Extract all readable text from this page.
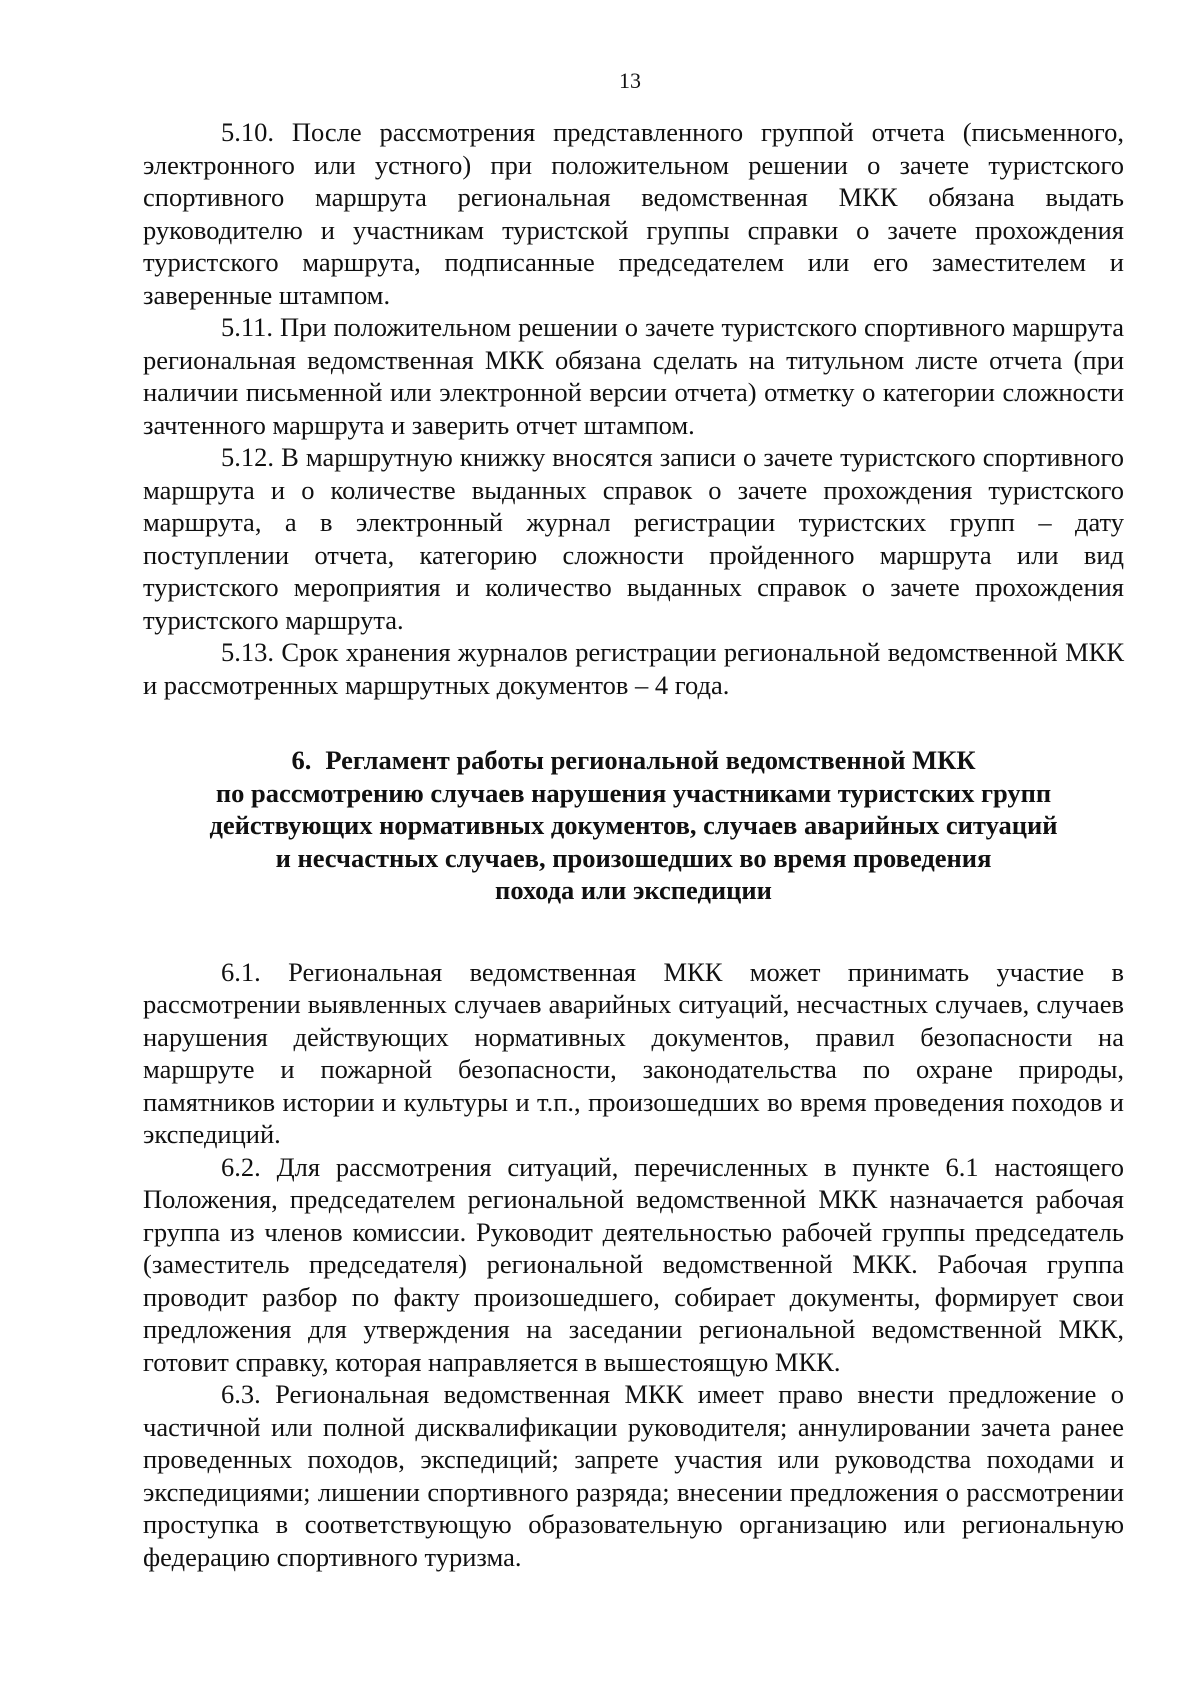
13

5.10. После рассмотрения представленного группой отчета (письменного, электронного или устного) при положительном решении о зачете туристского спортивного маршрута региональная ведомственная МКК обязана выдать руководителю и участникам туристской группы справки о зачете прохождения туристского маршрута, подписанные председателем или его заместителем и заверенные штампом.

5.11. При положительном решении о зачете туристского спортивного маршрута региональная ведомственная МКК обязана сделать на титульном листе отчета (при наличии письменной или электронной версии отчета) отметку о категории сложности зачтенного маршрута и заверить отчет штампом.

5.12. В маршрутную книжку вносятся записи о зачете туристского спортивного маршрута и о количестве выданных справок о зачете прохождения туристского маршрута, а в электронный журнал регистрации туристских групп – дату поступлении отчета, категорию сложности пройденного маршрута или вид туристского мероприятия и количество выданных справок о зачете прохождения туристского маршрута.

5.13. Срок хранения журналов регистрации региональной ведомственной МКК и рассмотренных маршрутных документов – 4 года.

6. Регламент работы региональной ведомственной МКК
по рассмотрению случаев нарушения участниками туристских групп
действующих нормативных документов, случаев аварийных ситуаций
и несчастных случаев, произошедших во время проведения
похода или экспедиции

6.1. Региональная ведомственная МКК может принимать участие в рассмотрении выявленных случаев аварийных ситуаций, несчастных случаев, случаев нарушения действующих нормативных документов, правил безопасности на маршруте и пожарной безопасности, законодательства по охране природы, памятников истории и культуры и т.п., произошедших во время проведения походов и экспедиций.

6.2. Для рассмотрения ситуаций, перечисленных в пункте 6.1 настоящего Положения, председателем региональной ведомственной МКК назначается рабочая группа из членов комиссии. Руководит деятельностью рабочей группы председатель (заместитель председателя) региональной ведомственной МКК. Рабочая группа проводит разбор по факту произошедшего, собирает документы, формирует свои предложения для утверждения на заседании региональной ведомственной МКК, готовит справку, которая направляется в вышестоящую МКК.

6.3. Региональная ведомственная МКК имеет право внести предложение о частичной или полной дисквалификации руководителя; аннулировании зачета ранее проведенных походов, экспедиций; запрете участия или руководства походами и экспедициями; лишении спортивного разряда; внесении предложения о рассмотрении проступка в соответствующую образовательную организацию или региональную федерацию спортивного туризма.
